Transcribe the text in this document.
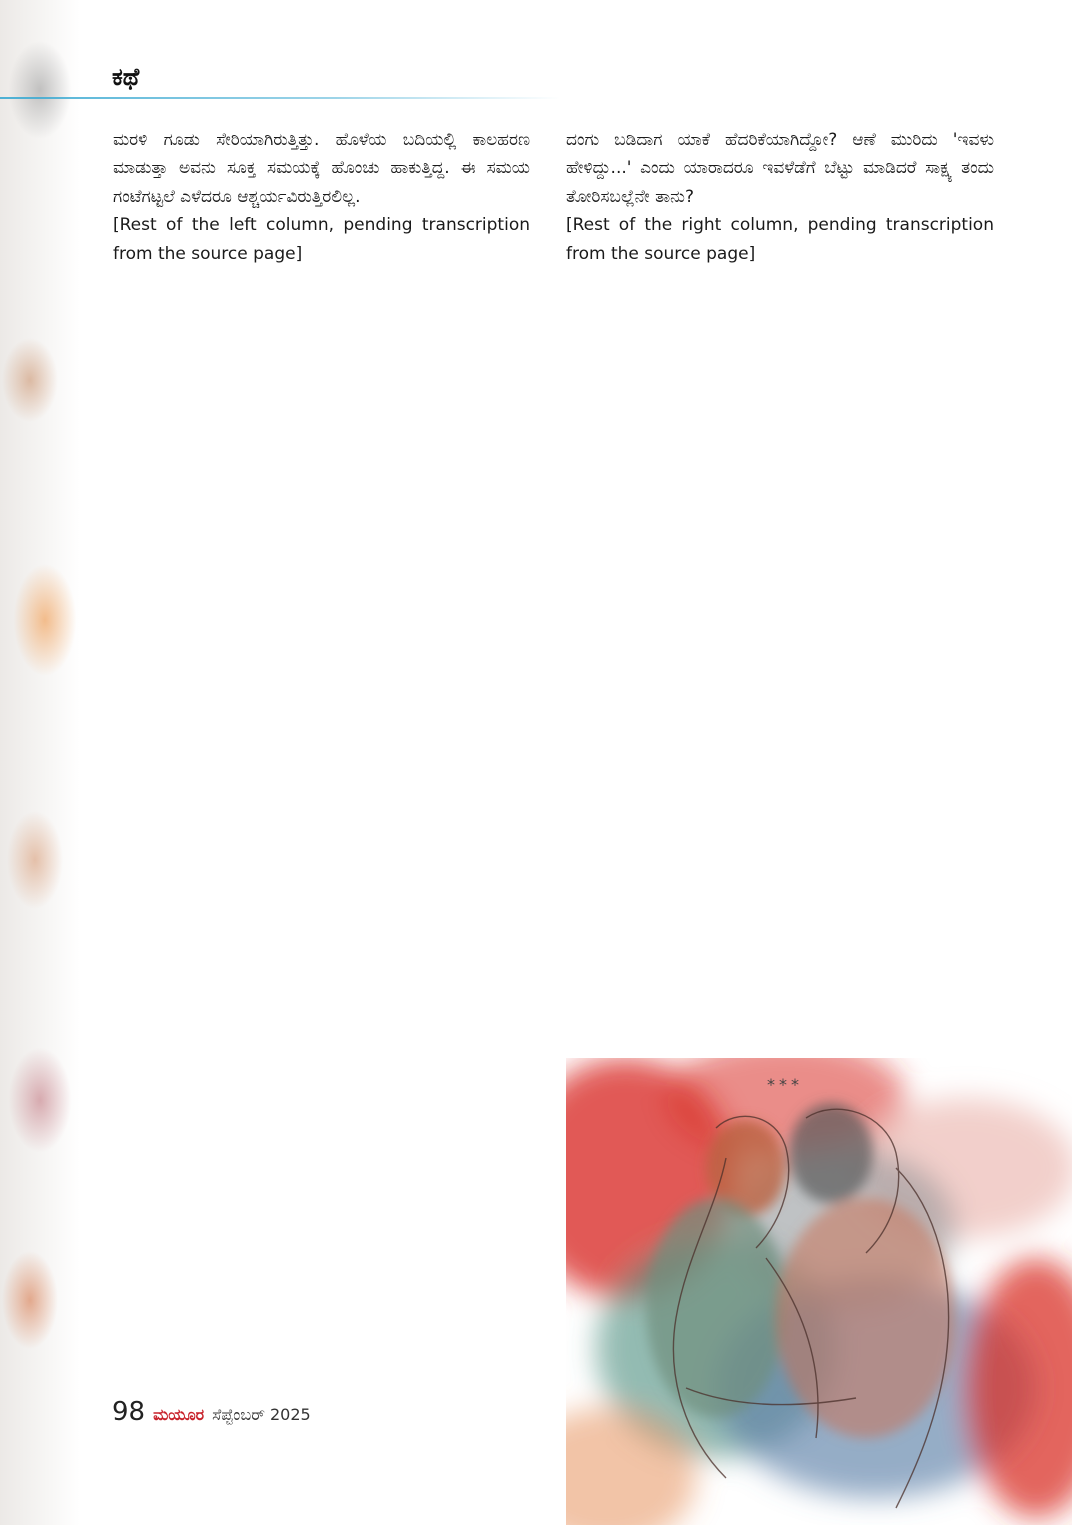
ಕಥೆ

ಮರಳಿ ಗೂಡು ಸೇರಿಯಾಗಿರುತ್ತಿತ್ತು. ಹೊಳೆಯ ಬದಿಯಲ್ಲಿ ಕಾಲಹರಣ ಮಾಡುತ್ತಾ ಅವನು ಸೂಕ್ತ ಸಮಯಕ್ಕೆ ಹೊಂಚು ಹಾಕುತ್ತಿದ್ದ. ಈ ಸಮಯ ಗಂಟೆಗಟ್ಟಲೆ ಎಳೆದರೂ ಆಶ್ಚರ್ಯವಿರುತ್ತಿರಲಿಲ್ಲ.

[Rest of the left column, pending transcription from the source page]

ದಂಗು ಬಡಿದಾಗ ಯಾಕೆ ಹೆದರಿಕೆಯಾಗಿದ್ದೋ? ಆಣೆ ಮುರಿದು 'ಇವಳು ಹೇಳಿದ್ದು...' ಎಂದು ಯಾರಾದರೂ ಇವಳೆಡೆಗೆ ಬೆಟ್ಟು ಮಾಡಿದರೆ ಸಾಕ್ಷ್ಯ ತಂದು ತೋರಿಸಬಲ್ಲೆನೇ ತಾನು?

[Rest of the right column, pending transcription from the source page]

***
98 ಮಯೂರ ಸೆಪ್ಟೆಂಬರ್ 2025
